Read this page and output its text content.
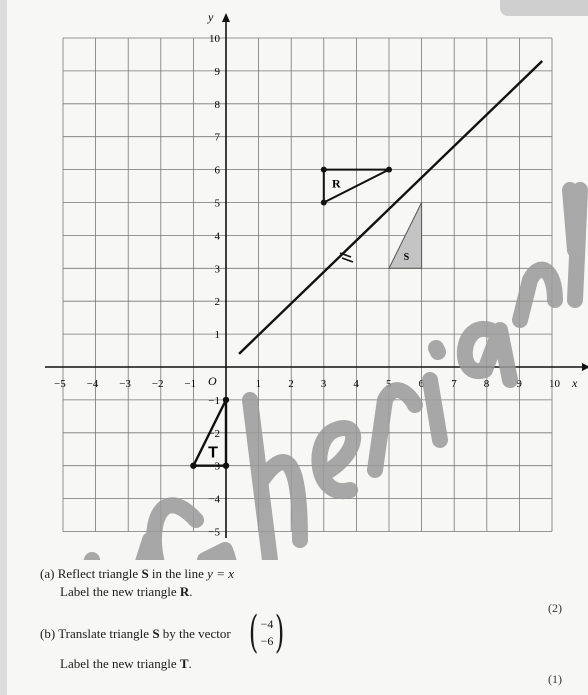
y
x
O
−5 −4 −3 −2 −1	1 2 3 4 5 6 7 8 9 10
10
9
8
7
6
5
4
3
2
1
−1
−2
−3
−4
−5
S
R
T
(a) Reflect triangle S in the line y = x
Label the new triangle R.
(2)
(b) Translate triangle S by the vector ( −4
−6 )
Label the new triangle T.
(1)
